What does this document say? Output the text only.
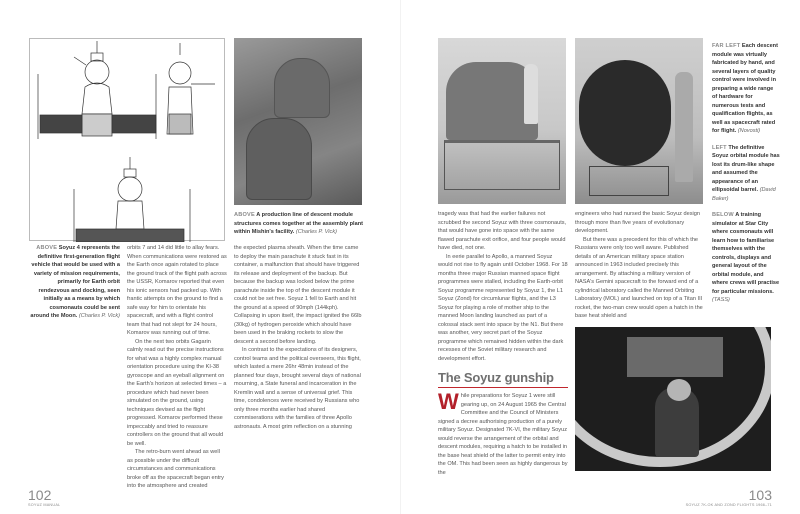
ABOVE Soyuz 4 represents the definitive first-generation flight vehicle that would be used with a variety of mission requirements, primarily for Earth orbit rendezvous and docking, seen initially as a means by which cosmonauts could be sent around the Moon. (Charles P. Vick)

orbits 7 and 14 did little to allay fears. When communications were restored as the Earth once again rotated to place the ground track of the flight path across the USSR, Komarov reported that even his ionic sensors had packed up. With frantic attempts on the ground to find a safe way for him to orientate his spacecraft, and with a flight control team that had not slept for 24 hours, Komarov was running out of time.

On the next two orbits Gagarin calmly read out the precise instructions for what was a highly complex manual orientation procedure using the KI-38 gyroscope and an eyeball alignment on the Earth's horizon at selected times – a procedure which had never been simulated on the ground, using techniques devised as the flight progressed. Komarov performed these impeccably and tried to reassure controllers on the ground that all would be well.

The retro-burn went ahead as well as possible under the difficult circumstances and communications broke off as the spacecraft began entry into the atmosphere and created

ABOVE A production line of descent module structures comes together at the assembly plant within Mishin's facility. (Charles P. Vick)

the expected plasma sheath. When the time came to deploy the main parachute it stuck fast in its container, a malfunction that should have triggered its release and deployment of the backup. But because the backup was locked below the prime parachute inside the top of the descent module it could not be set free. Soyuz 1 fell to Earth and hit the ground at a speed of 90mph (144kph). Collapsing in upon itself, the impact ignited the 66lb (30kg) of hydrogen peroxide which should have been used in the braking rockets to slow the descent a second before landing.

In contrast to the expectations of its designers, control teams and the political overseers, this flight, which lasted a mere 26hr 48min instead of the planned four days, brought several days of national mourning, a State funeral and incarceration in the Kremlin wall and a sense of universal grief. This time, condolences were received by Russians who only three months earlier had shared commiserations with the families of three Apollo astronauts. A most grim reflection on a stunning

102
SOYUZ MANUAL

tragedy was that had the earlier failures not scrubbed the second Soyuz with three cosmonauts, that would have gone into space with the same flawed parachute exit orifice, and four people would have died, not one.

In eerie parallel to Apollo, a manned Soyuz would not rise to fly again until October 1968. For 18 months three major Russian manned space flight programmes were stalled, including the Earth-orbit Soyuz programme represented by Soyuz 1, the L1 Soyuz (Zond) for circumlunar flights, and the L3 Soyuz for playing a role of mother ship to the manned Moon landing launched as part of a colossal stack sent into space by the N1. But there was another, very secret part of the Soyuz programme which remained hidden within the dark recesses of the Soviet military research and development effort.

The Soyuz gunship
W hile preparations for Soyuz 1 were still gearing up, on 24 August 1965 the Central Committee and the Council of Ministers signed a decree authorising production of a purely military Soyuz. Designated 7K-VI, the military Soyuz would reverse the arrangement of the orbital and descent modules, requiring a hatch to be installed in the base heat shield of the latter to permit entry into the OM. This had been seen as highly dangerous by the

engineers who had nursed the basic Soyuz design through more than five years of evolutionary development.

But there was a precedent for this of which the Russians were only too well aware. Published details of an American military space station announced in 1963 included precisely this arrangement. By attaching a military version of NASA's Gemini spacecraft to the forward end of a cylindrical laboratory called the Manned Orbiting Laboratory (MOL) and launched on top of a Titan III rocket, the two-man crew would open a hatch in the base heat shield and

FAR LEFT Each descent module was virtually fabricated by hand, and several layers of quality control were involved in preparing a wide range of hardware for numerous tests and qualification flights, as well as spacecraft rated for flight. (Novosti)
LEFT The definitive Soyuz orbital module has lost its drum-like shape and assumed the appearance of an ellipsoidal barrel. (David Baker)
BELOW A training simulator at Star City where cosmonauts will learn how to familiarise themselves with the controls, displays and general layout of the orbital module, and where crews will practise for particular missions. (TASS)
103
SOYUZ 7K-OK AND ZOND FLIGHTS 1966–71
